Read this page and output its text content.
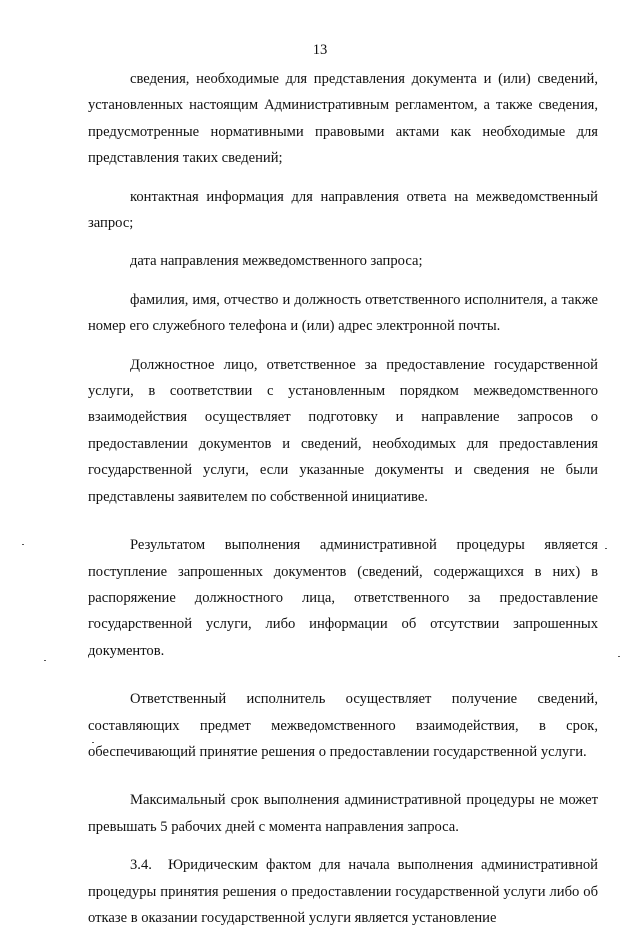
13

сведения, необходимые для представления документа и (или) сведений, установленных настоящим Административным регламентом, а также сведения, предусмотренные нормативными правовыми актами как необходимые для представления таких сведений;

контактная информация для направления ответа на межведомственный запрос;

дата направления межведомственного запроса;

фамилия, имя, отчество и должность ответственного исполнителя, а также номер его служебного телефона и (или) адрес электронной почты.

Должностное лицо, ответственное за предоставление государственной услуги, в соответствии с установленным порядком межведомственного взаимодействия осуществляет подготовку и направление запросов о предоставлении документов и сведений, необходимых для предоставления государственной услуги, если указанные документы и сведения не были представлены заявителем по собственной инициативе.

Результатом выполнения административной процедуры является поступление запрошенных документов (сведений, содержащихся в них) в распоряжение должностного лица, ответственного за предоставление государственной услуги, либо информации об отсутствии запрошенных документов.

Ответственный исполнитель осуществляет получение сведений, составляющих предмет межведомственного взаимодействия, в срок, обеспечивающий принятие решения о предоставлении государственной услуги.

Максимальный срок выполнения административной процедуры не может превышать 5 рабочих дней с момента направления запроса.

3.4. Юридическим фактом для начала выполнения административной процедуры принятия решения о предоставлении государственной услуги либо об отказе в оказании государственной услуги является установление
